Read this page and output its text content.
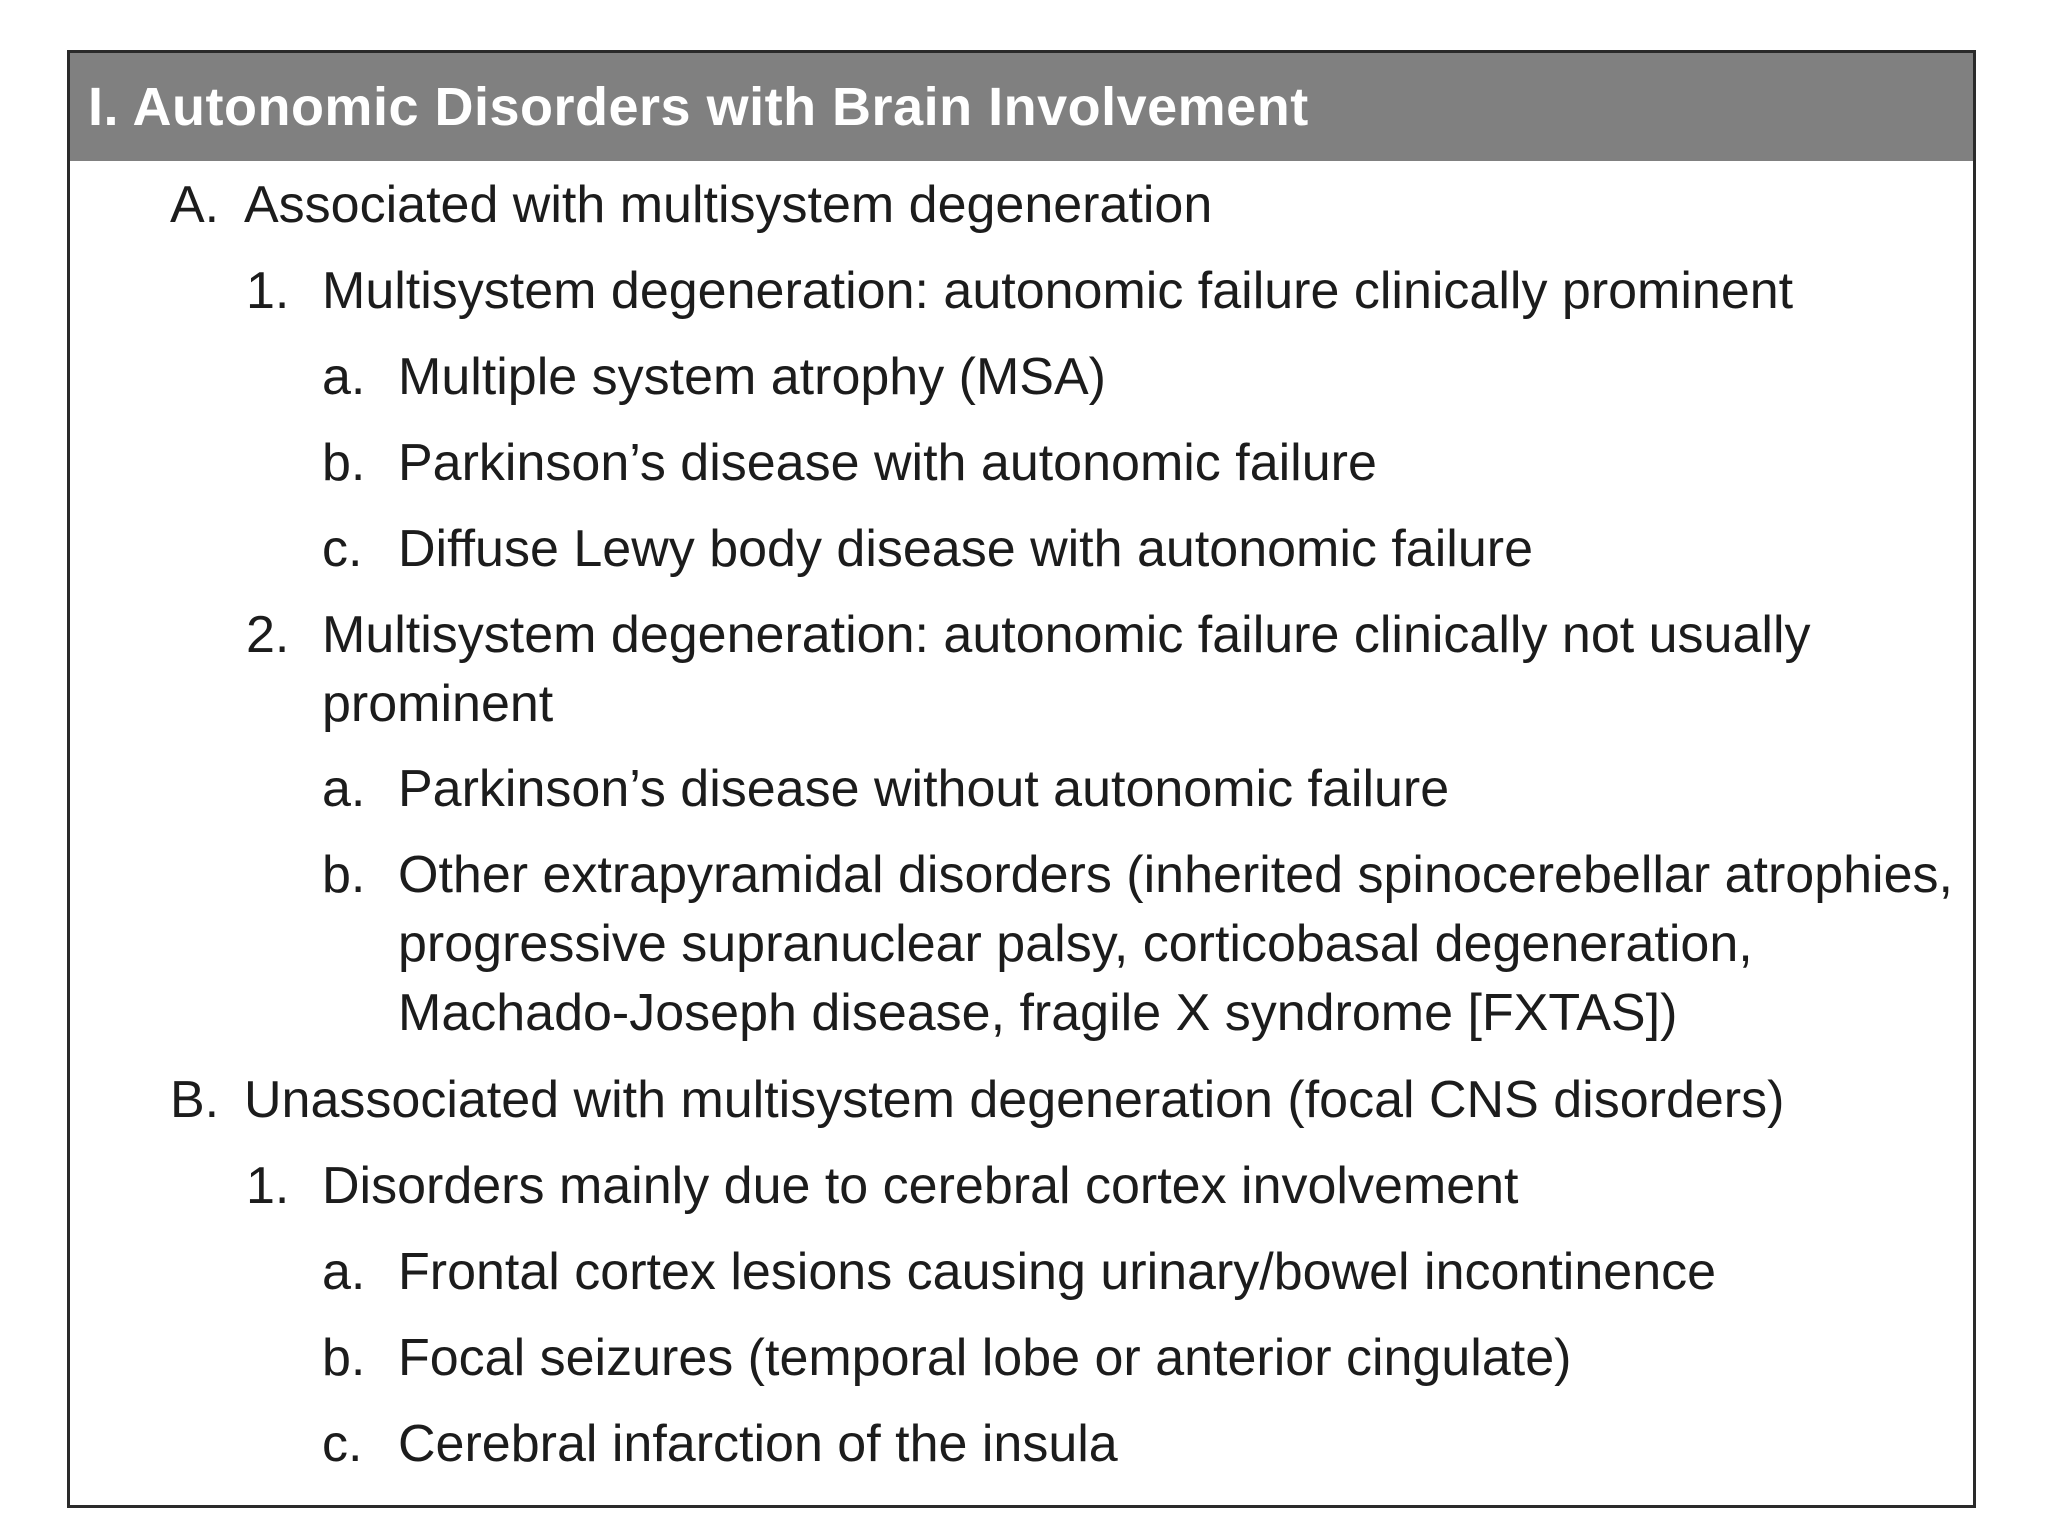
I. Autonomic Disorders with Brain Involvement
A. Associated with multisystem degeneration
1. Multisystem degeneration: autonomic failure clinically prominent
a. Multiple system atrophy (MSA)
b. Parkinson’s disease with autonomic failure
c. Diffuse Lewy body disease with autonomic failure
2. Multisystem degeneration: autonomic failure clinically not usually
prominent
a. Parkinson’s disease without autonomic failure
b. Other extrapyramidal disorders (inherited spinocerebellar atrophies,
progressive supranuclear palsy, corticobasal degeneration,
Machado-Joseph disease, fragile X syndrome [FXTAS])
B. Unassociated with multisystem degeneration (focal CNS disorders)
1. Disorders mainly due to cerebral cortex involvement
a. Frontal cortex lesions causing urinary/bowel incontinence
b. Focal seizures (temporal lobe or anterior cingulate)
c. Cerebral infarction of the insula
